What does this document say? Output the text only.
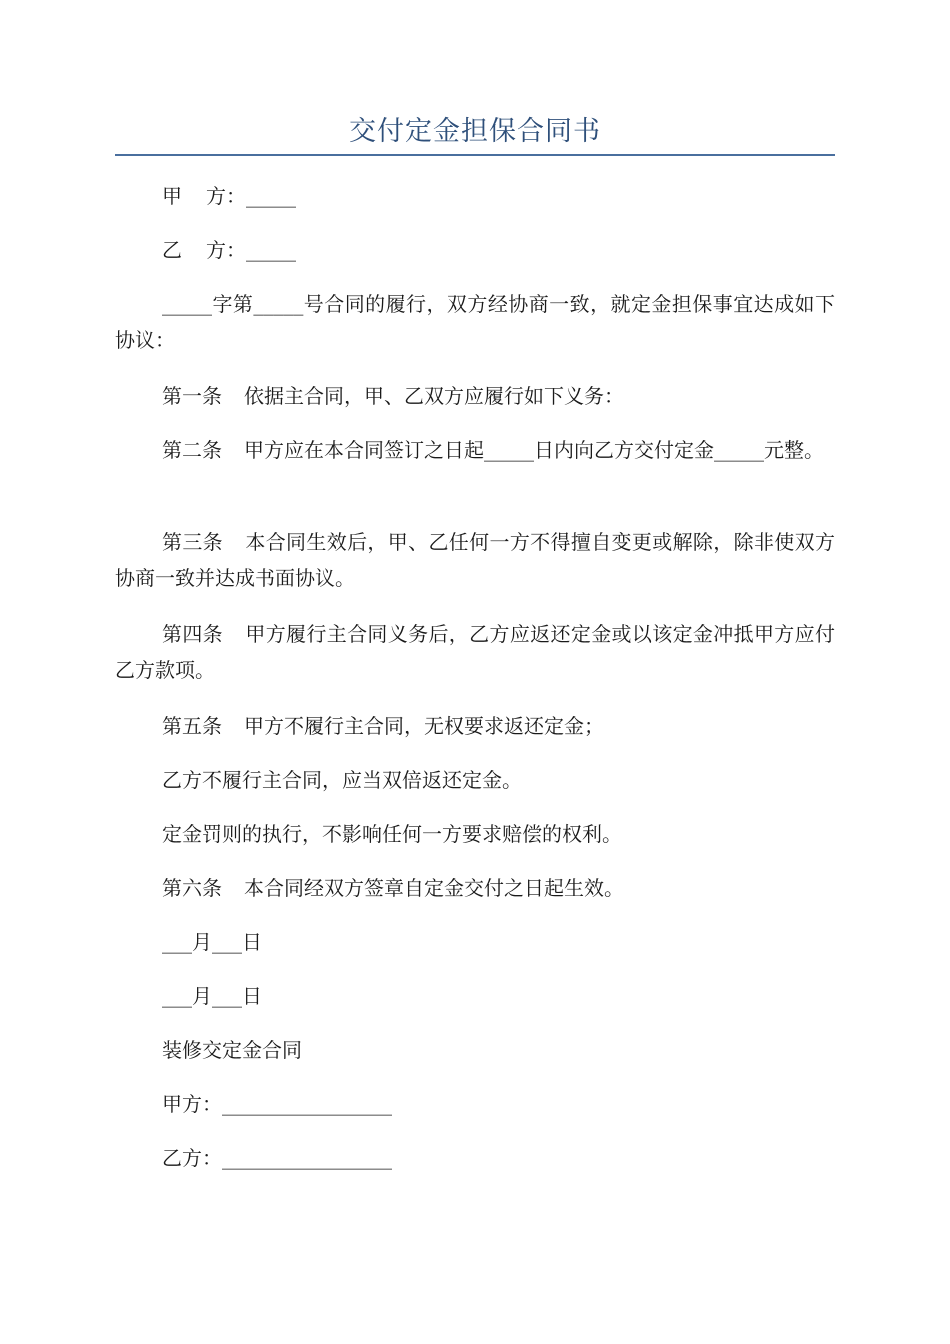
交付定金担保合同书

甲 方：_____

乙 方：_____

_____字第_____号合同的履行，双方经协商一致，就定金担保事宜达成如下协议：

第一条 依据主合同，甲、乙双方应履行如下义务：

第二条 甲方应在本合同签订之日起_____日内向乙方交付定金_____元整。

第三条 本合同生效后，甲、乙任何一方不得擅自变更或解除，除非使双方协商一致并达成书面协议。

第四条 甲方履行主合同义务后，乙方应返还定金或以该定金冲抵甲方应付乙方款项。

第五条 甲方不履行主合同，无权要求返还定金；

乙方不履行主合同，应当双倍返还定金。

定金罚则的执行，不影响任何一方要求赔偿的权利。

第六条 本合同经双方签章自定金交付之日起生效。

___月___日

___月___日

装修交定金合同

甲方：_________________

乙方：_________________
